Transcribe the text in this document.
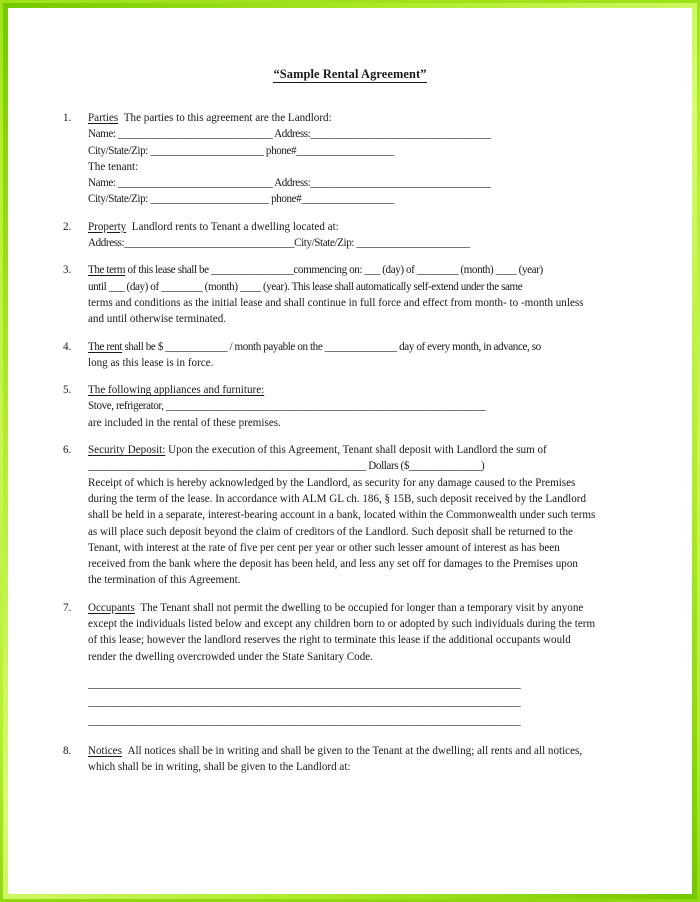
“Sample Rental Agreement”
1.	Parties The parties to this agreement are the Landlord:

Name: ______________________________ Address:___________________________________

City/State/Zip: ______________________ phone#___________________

The tenant:

Name: ______________________________ Address:___________________________________

City/State/Zip: _______________________ phone#__________________

2.	Property Landlord rents to Tenant a dwelling located at:

Address:_________________________________City/State/Zip: ______________________

3.	The term of this lease shall be ________________commencing on: ___ (day) of ________ (month) ____ (year)

until ___ (day) of ________ (month) ____ (year). This lease shall automatically self-extend under the same

terms and conditions as the initial lease and shall continue in full force and effect from month- to -month unless

and until otherwise terminated.

4.	The rent shall be $ ____________ / month payable on the ______________ day of every month, in advance, so

long as this lease is in force.

5.	The following appliances and furniture:

Stove, refrigerator, ______________________________________________________________

are included in the rental of these premises.

6.	Security Deposit: Upon the execution of this Agreement, Tenant shall deposit with Landlord the sum of

______________________________________________________ Dollars ($______________)

Receipt of which is hereby acknowledged by the Landlord, as security for any damage caused to the Premises

during the term of the lease. In accordance with ALM GL ch. 186, § 15B, such deposit received by the Landlord

shall be held in a separate, interest-bearing account in a bank, located within the Commonwealth under such terms

as will place such deposit beyond the claim of creditors of the Landlord. Such deposit shall be returned to the

Tenant, with interest at the rate of five per cent per year or other such lesser amount of interest as has been

received from the bank where the deposit has been held, and less any set off for damages to the Premises upon

the termination of this Agreement.

7.	Occupants The Tenant shall not permit the dwelling to be occupied for longer than a temporary visit by anyone

except the individuals listed below and except any children born to or adopted by such individuals during the term

of this lease; however the landlord reserves the right to terminate this lease if the additional occupants would

render the dwelling overcrowded under the State Sanitary Code.

____________________________________________________________________________________
____________________________________________________________________________________
____________________________________________________________________________________
8.	Notices All notices shall be in writing and shall be given to the Tenant at the dwelling; all rents and all notices,

which shall be in writing, shall be given to the Landlord at:
